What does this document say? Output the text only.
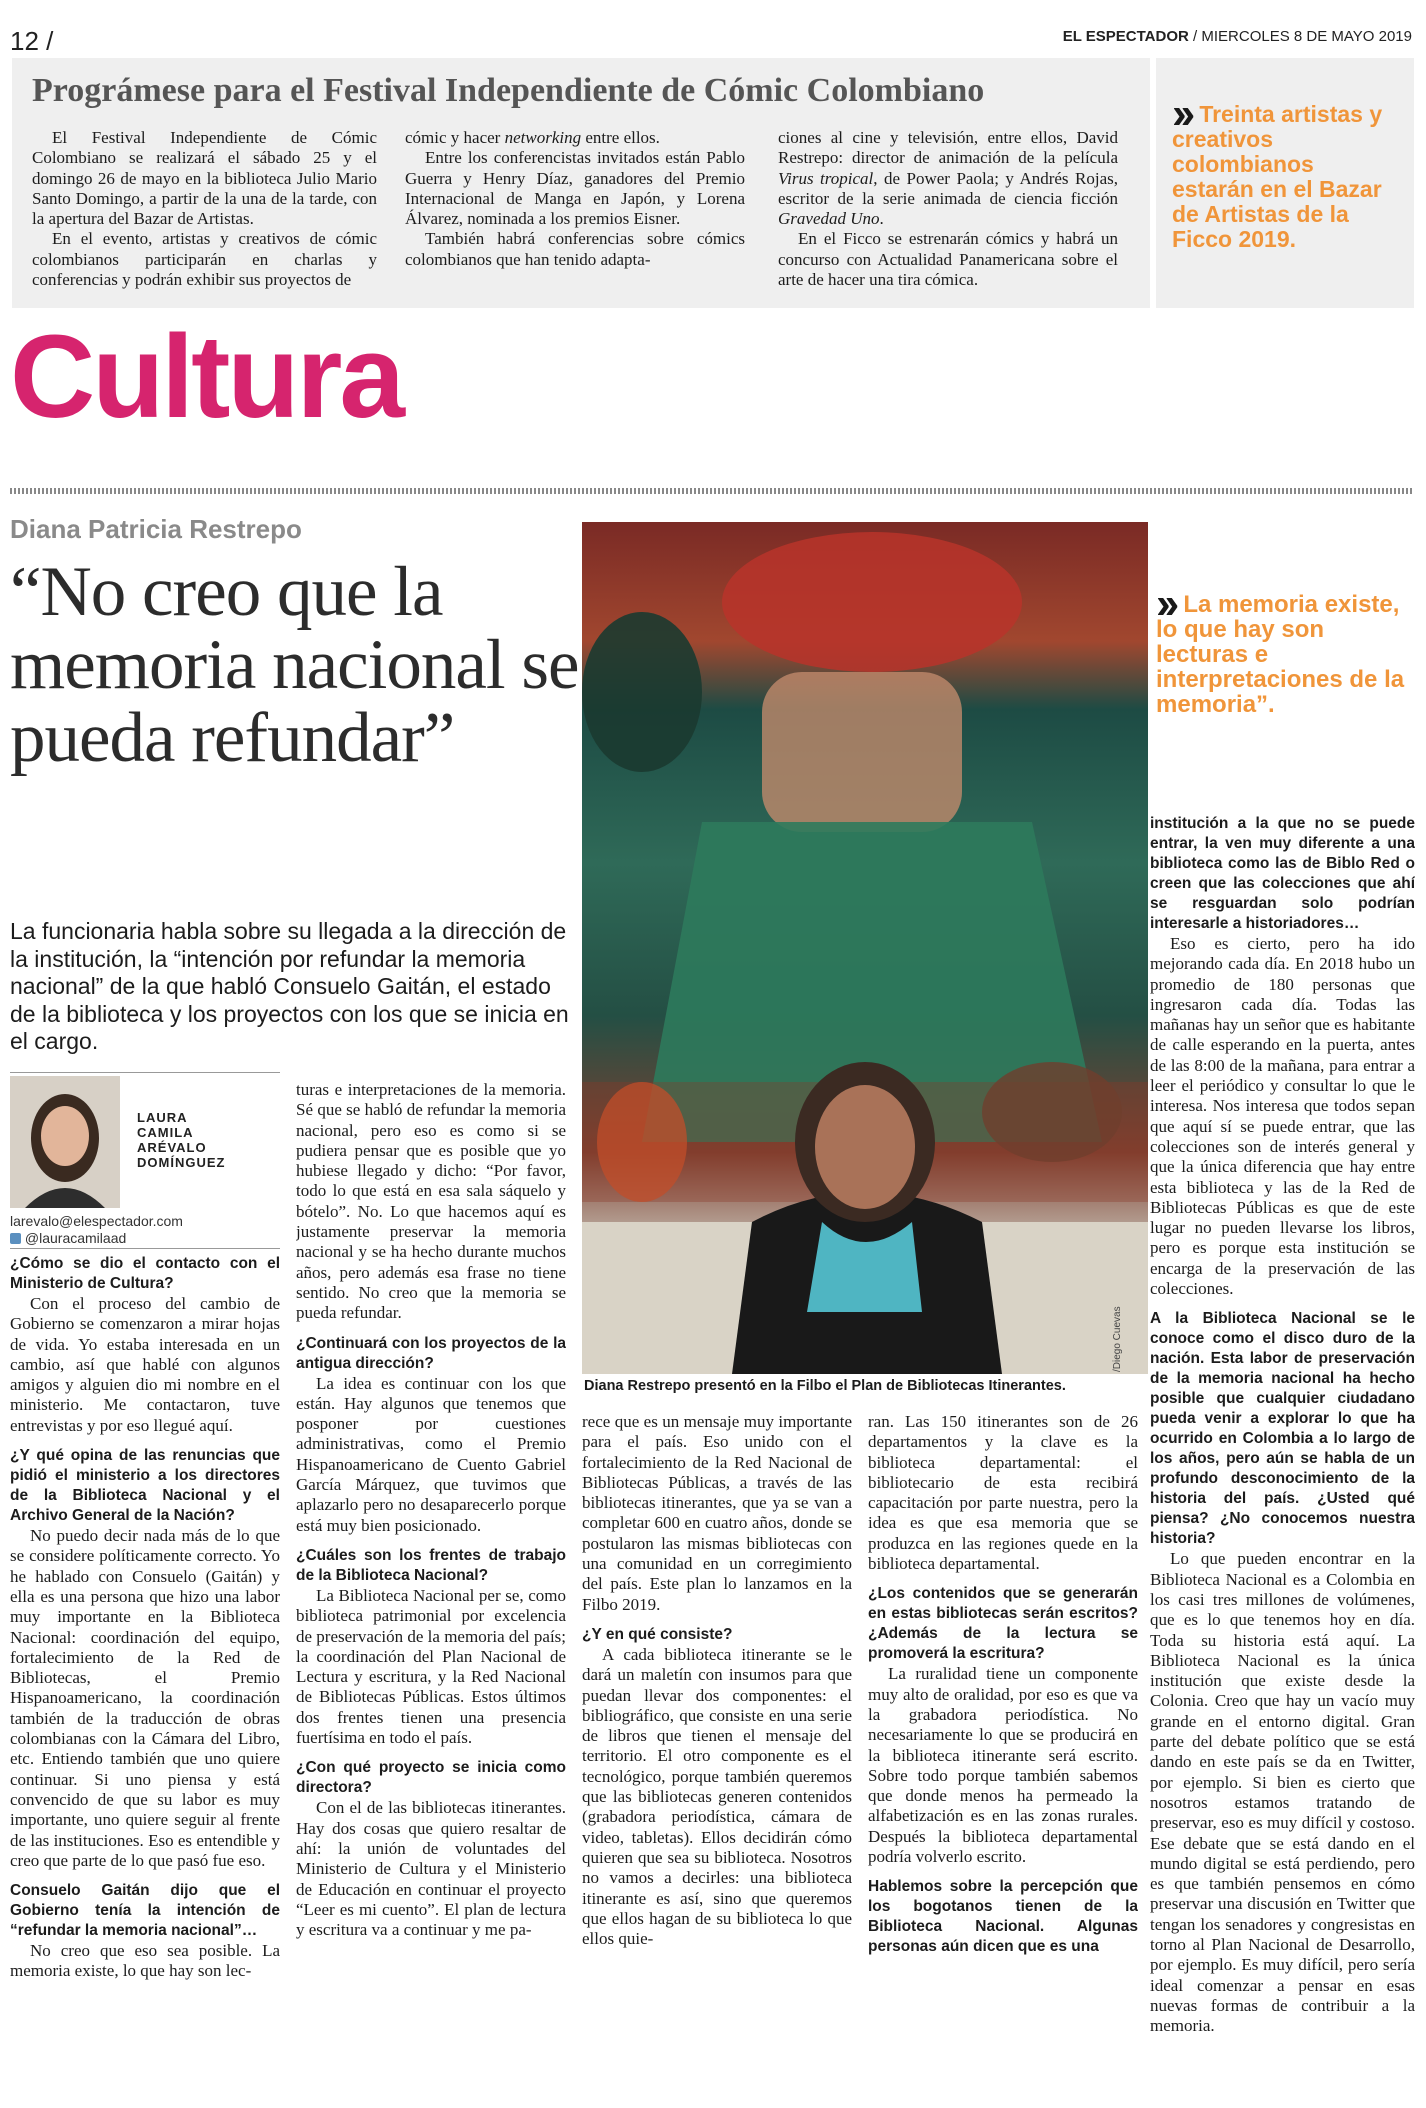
12 /	EL ESPECTADOR / MIERCOLES 8 DE MAYO 2019
Prográmese para el Festival Independiente de Cómic Colombiano

El Festival Independiente de Cómic Colombiano se realizará el sábado 25 y el domingo 26 de mayo en la biblioteca Julio Mario Santo Domingo, a partir de la una de la tarde, con la apertura del Bazar de Artistas.

En el evento, artistas y creativos de cómic colombianos participarán en charlas y conferencias y podrán exhibir sus proyectos de

cómic y hacer networking entre ellos.

Entre los conferencistas invitados están Pablo Guerra y Henry Díaz, ganadores del Premio Internacional de Manga en Japón, y Lorena Álvarez, nominada a los premios Eisner.

También habrá conferencias sobre cómics colombianos que han tenido adapta-

ciones al cine y televisión, entre ellos, David Restrepo: director de animación de la película Virus tropical, de Power Paola; y Andrés Rojas, escritor de la serie animada de ciencia ficción Gravedad Uno.

En el Ficco se estrenarán cómics y habrá un concurso con Actualidad Panamericana sobre el arte de hacer una tira cómica.

›› Treinta artistas y creativos colombianos estarán en el Bazar de Artistas de la Ficco 2019.
Cultura
Diana Patricia Restrepo
“No creo que la memoria nacional se pueda refundar”
La funcionaria habla sobre su llegada a la dirección de la institución, la “intención por refundar la memoria nacional” de la que habló Consuelo Gaitán, el estado de la biblioteca y los proyectos con los que se inicia en el cargo.
/Diego Cuevas
Diana Restrepo presentó en la Filbo el Plan de Bibliotecas Itinerantes.
›› La memoria existe, lo que hay son lecturas e interpretaciones de la memoria”.
LAURA
CAMILA
ARÉVALO
DOMÍNGUEZ
larevalo@elespectador.com
@lauracamilaad

¿Cómo se dio el contacto con el Ministerio de Cultura?

Con el proceso del cambio de Gobierno se comenzaron a mirar hojas de vida. Yo estaba interesada en un cambio, así que hablé con algunos amigos y alguien dio mi nombre en el ministerio. Me contactaron, tuve entrevistas y por eso llegué aquí.

¿Y qué opina de las renuncias que pidió el ministerio a los directores de la Biblioteca Nacional y el Archivo General de la Nación?

No puedo decir nada más de lo que se considere políticamente correcto. Yo he hablado con Consuelo (Gaitán) y ella es una persona que hizo una labor muy importante en la Biblioteca Nacional: coordinación del equipo, fortalecimiento de la Red de Bibliotecas, el Premio Hispanoamericano, la coordinación también de la traducción de obras colombianas con la Cámara del Libro, etc. Entiendo también que uno quiere continuar. Si uno piensa y está convencido de que su labor es muy importante, uno quiere seguir al frente de las instituciones. Eso es entendible y creo que parte de lo que pasó fue eso.

Consuelo Gaitán dijo que el Gobierno tenía la intención de “refundar la memoria nacional”…

No creo que eso sea posible. La memoria existe, lo que hay son lec-

turas e interpretaciones de la memoria. Sé que se habló de refundar la memoria nacional, pero eso es como si se pudiera pensar que es posible que yo hubiese llegado y dicho: “Por favor, todo lo que está en esa sala sáquelo y bótelo”. No. Lo que hacemos aquí es justamente preservar la memoria nacional y se ha hecho durante muchos años, pero además esa frase no tiene sentido. No creo que la memoria se pueda refundar.

¿Continuará con los proyectos de la antigua dirección?

La idea es continuar con los que están. Hay algunos que tenemos que posponer por cuestiones administrativas, como el Premio Hispanoamericano de Cuento Gabriel García Márquez, que tuvimos que aplazarlo pero no desaparecerlo porque está muy bien posicionado.

¿Cuáles son los frentes de trabajo de la Biblioteca Nacional?

La Biblioteca Nacional per se, como biblioteca patrimonial por excelencia de preservación de la memoria del país; la coordinación del Plan Nacional de Lectura y escritura, y la Red Nacional de Bibliotecas Públicas. Estos últimos dos frentes tienen una presencia fuertísima en todo el país.

¿Con qué proyecto se inicia como directora?

Con el de las bibliotecas itinerantes. Hay dos cosas que quiero resaltar de ahí: la unión de voluntades del Ministerio de Cultura y el Ministerio de Educación en continuar el proyecto “Leer es mi cuento”. El plan de lectura y escritura va a continuar y me pa-

rece que es un mensaje muy importante para el país. Eso unido con el fortalecimiento de la Red Nacional de Bibliotecas Públicas, a través de las bibliotecas itinerantes, que ya se van a completar 600 en cuatro años, donde se postularon las mismas bibliotecas con una comunidad en un corregimiento del país. Este plan lo lanzamos en la Filbo 2019.

¿Y en qué consiste?

A cada biblioteca itinerante se le dará un maletín con insumos para que puedan llevar dos componentes: el bibliográfico, que consiste en una serie de libros que tienen el mensaje del territorio. El otro componente es el tecnológico, porque también queremos que las bibliotecas generen contenidos (grabadora periodística, cámara de video, tabletas). Ellos decidirán cómo quieren que sea su biblioteca. Nosotros no vamos a decirles: una biblioteca itinerante es así, sino que queremos que ellos hagan de su biblioteca lo que ellos quie-

ran. Las 150 itinerantes son de 26 departamentos y la clave es la biblioteca departamental: el bibliotecario de esta recibirá capacitación por parte nuestra, pero la idea es que esa memoria que se produzca en las regiones quede en la biblioteca departamental.

¿Los contenidos que se generarán en estas bibliotecas serán escritos? ¿Además de la lectura se promoverá la escritura?

La ruralidad tiene un componente muy alto de oralidad, por eso es que va la grabadora periodística. No necesariamente lo que se producirá en la biblioteca itinerante será escrito. Sobre todo porque también sabemos que donde menos ha permeado la alfabetización es en las zonas rurales. Después la biblioteca departamental podría volverlo escrito.

Hablemos sobre la percepción que los bogotanos tienen de la Biblioteca Nacional. Algunas personas aún dicen que es una

institución a la que no se puede entrar, la ven muy diferente a una biblioteca como las de Biblo Red o creen que las colecciones que ahí se resguardan solo podrían interesarle a historiadores…

Eso es cierto, pero ha ido mejorando cada día. En 2018 hubo un promedio de 180 personas que ingresaron cada día. Todas las mañanas hay un señor que es habitante de calle esperando en la puerta, antes de las 8:00 de la mañana, para entrar a leer el periódico y consultar lo que le interesa. Nos interesa que todos sepan que aquí sí se puede entrar, que las colecciones son de interés general y que la única diferencia que hay entre esta biblioteca y las de la Red de Bibliotecas Públicas es que de este lugar no pueden llevarse los libros, pero es porque esta institución se encarga de la preservación de las colecciones.

A la Biblioteca Nacional se le conoce como el disco duro de la nación. Esta labor de preservación de la memoria nacional ha hecho posible que cualquier ciudadano pueda venir a explorar lo que ha ocurrido en Colombia a lo largo de los años, pero aún se habla de un profundo desconocimiento de la historia del país. ¿Usted qué piensa? ¿No conocemos nuestra historia?

Lo que pueden encontrar en la Biblioteca Nacional es a Colombia en los casi tres millones de volúmenes, que es lo que tenemos hoy en día. Toda su historia está aquí. La Biblioteca Nacional es la única institución que existe desde la Colonia. Creo que hay un vacío muy grande en el entorno digital. Gran parte del debate político que se está dando en este país se da en Twitter, por ejemplo. Si bien es cierto que nosotros estamos tratando de preservar, eso es muy difícil y costoso. Ese debate que se está dando en el mundo digital se está perdiendo, pero es que también pensemos en cómo preservar una discusión en Twitter que tengan los senadores y congresistas en torno al Plan Nacional de Desarrollo, por ejemplo. Es muy difícil, pero sería ideal comenzar a pensar en esas nuevas formas de contribuir a la memoria.
